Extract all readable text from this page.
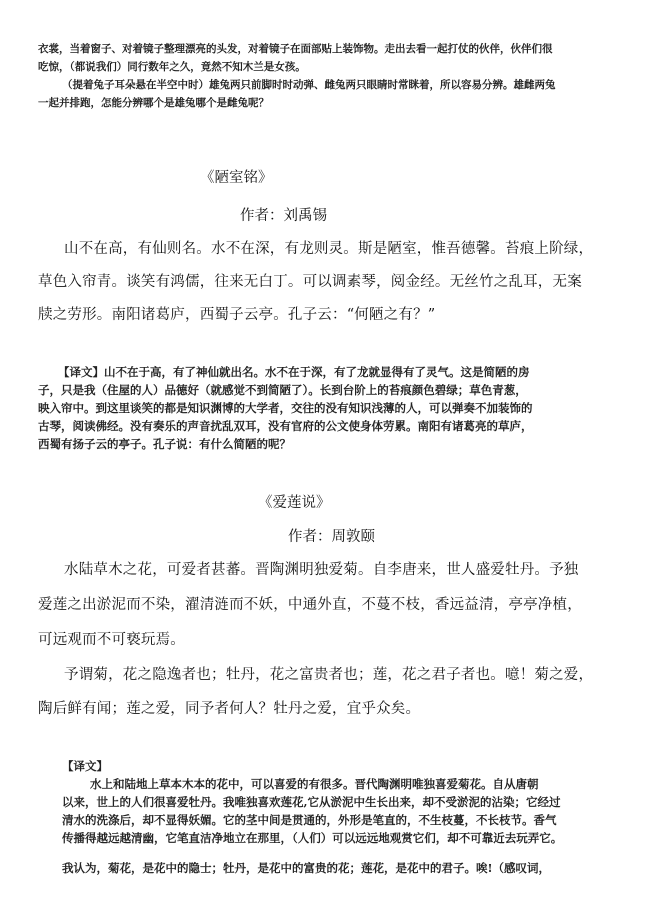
衣裳，当着窗子、对着镜子整理漂亮的头发，对着镜子在面部贴上装饰物。走出去看一起打仗的伙伴，伙伴们很
吃惊，（都说我们）同行数年之久，竟然不知木兰是女孩。
（提着兔子耳朵悬在半空中时）雄兔两只前脚时时动弹、雌兔两只眼睛时常眯着，所以容易分辨。雄雌两兔
一起并排跑，怎能分辨哪个是雄兔哪个是雌兔呢？
《陋室铭》
作者：刘禹锡
山不在高，有仙则名。水不在深，有龙则灵。斯是陋室，惟吾德馨。苔痕上阶绿，
草色入帘青。谈笑有鸿儒，往来无白丁。可以调素琴，阅金经。无丝竹之乱耳，无案
牍之劳形。南阳诸葛庐，西蜀子云亭。孔子云：“何陋之有？”
【译文】山不在于高，有了神仙就出名。水不在于深，有了龙就显得有了灵气。这是简陋的房
子，只是我（住屋的人）品德好（就感觉不到简陋了）。长到台阶上的苔痕颜色碧绿；草色青葱，
映入帘中。到这里谈笑的都是知识渊博的大学者，交往的没有知识浅薄的人，可以弹奏不加装饰的
古琴，阅读佛经。没有奏乐的声音扰乱双耳，没有官府的公文使身体劳累。南阳有诸葛亮的草庐，
西蜀有扬子云的亭子。孔子说：有什么简陋的呢？
《爱莲说》
作者：周敦颐
水陆草木之花，可爱者甚蕃。晋陶渊明独爱菊。自李唐来，世人盛爱牡丹。予独
爱莲之出淤泥而不染，濯清涟而不妖，中通外直，不蔓不枝，香远益清，亭亭净植，
可远观而不可亵玩焉。
予谓菊，花之隐逸者也；牡丹，花之富贵者也；莲，花之君子者也。噫！菊之爱，
陶后鲜有闻；莲之爱，同予者何人？牡丹之爱，宜乎众矣。
【译文】
水上和陆地上草本木本的花中，可以喜爱的有很多。晋代陶渊明唯独喜爱菊花。自从唐朝
以来，世上的人们很喜爱牡丹。我唯独喜欢莲花,它从淤泥中生长出来，却不受淤泥的沾染；它经过
清水的洗涤后，却不显得妖媚。它的茎中间是贯通的，外形是笔直的，不生枝蔓，不长枝节。香气
传播得越远越清幽，它笔直洁净地立在那里，（人们）可以远远地观赏它们，却不可靠近去玩弄它。
我认为，菊花，是花中的隐士；牡丹，是花中的富贵的花；莲花，是花中的君子。唉!（感叹词，
